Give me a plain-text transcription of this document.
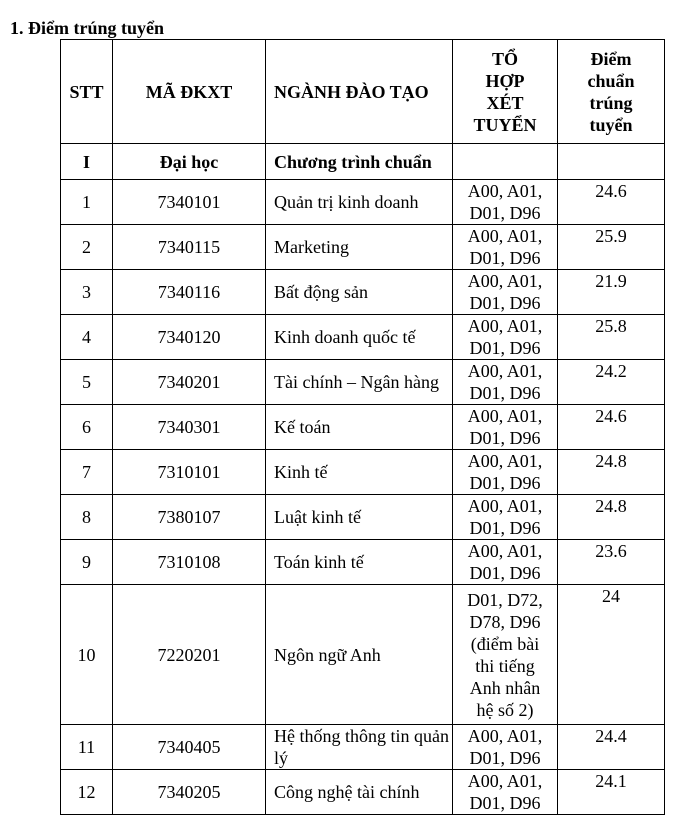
1. Điểm trúng tuyển
STT	MÃ ĐKXT	NGÀNH ĐÀO TẠO	TỔ HỢP XÉT TUYỂN	Điểm chuẩn trúng tuyển
I	Đại học	Chương trình chuẩn		
1	7340101	Quản trị kinh doanh	A00, A01, D01, D96	24.6
2	7340115	Marketing	A00, A01, D01, D96	25.9
3	7340116	Bất động sản	A00, A01, D01, D96	21.9
4	7340120	Kinh doanh quốc tế	A00, A01, D01, D96	25.8
5	7340201	Tài chính – Ngân hàng	A00, A01, D01, D96	24.2
6	7340301	Kế toán	A00, A01, D01, D96	24.6
7	7310101	Kinh tế	A00, A01, D01, D96	24.8
8	7380107	Luật kinh tế	A00, A01, D01, D96	24.8
9	7310108	Toán kinh tế	A00, A01, D01, D96	23.6
10	7220201	Ngôn ngữ Anh	D01, D72, D78, D96 (điểm bài thi tiếng Anh nhân hệ số 2)	24
11	7340405	Hệ thống thông tin quản lý	A00, A01, D01, D96	24.4
12	7340205	Công nghệ tài chính	A00, A01, D01, D96	24.1
